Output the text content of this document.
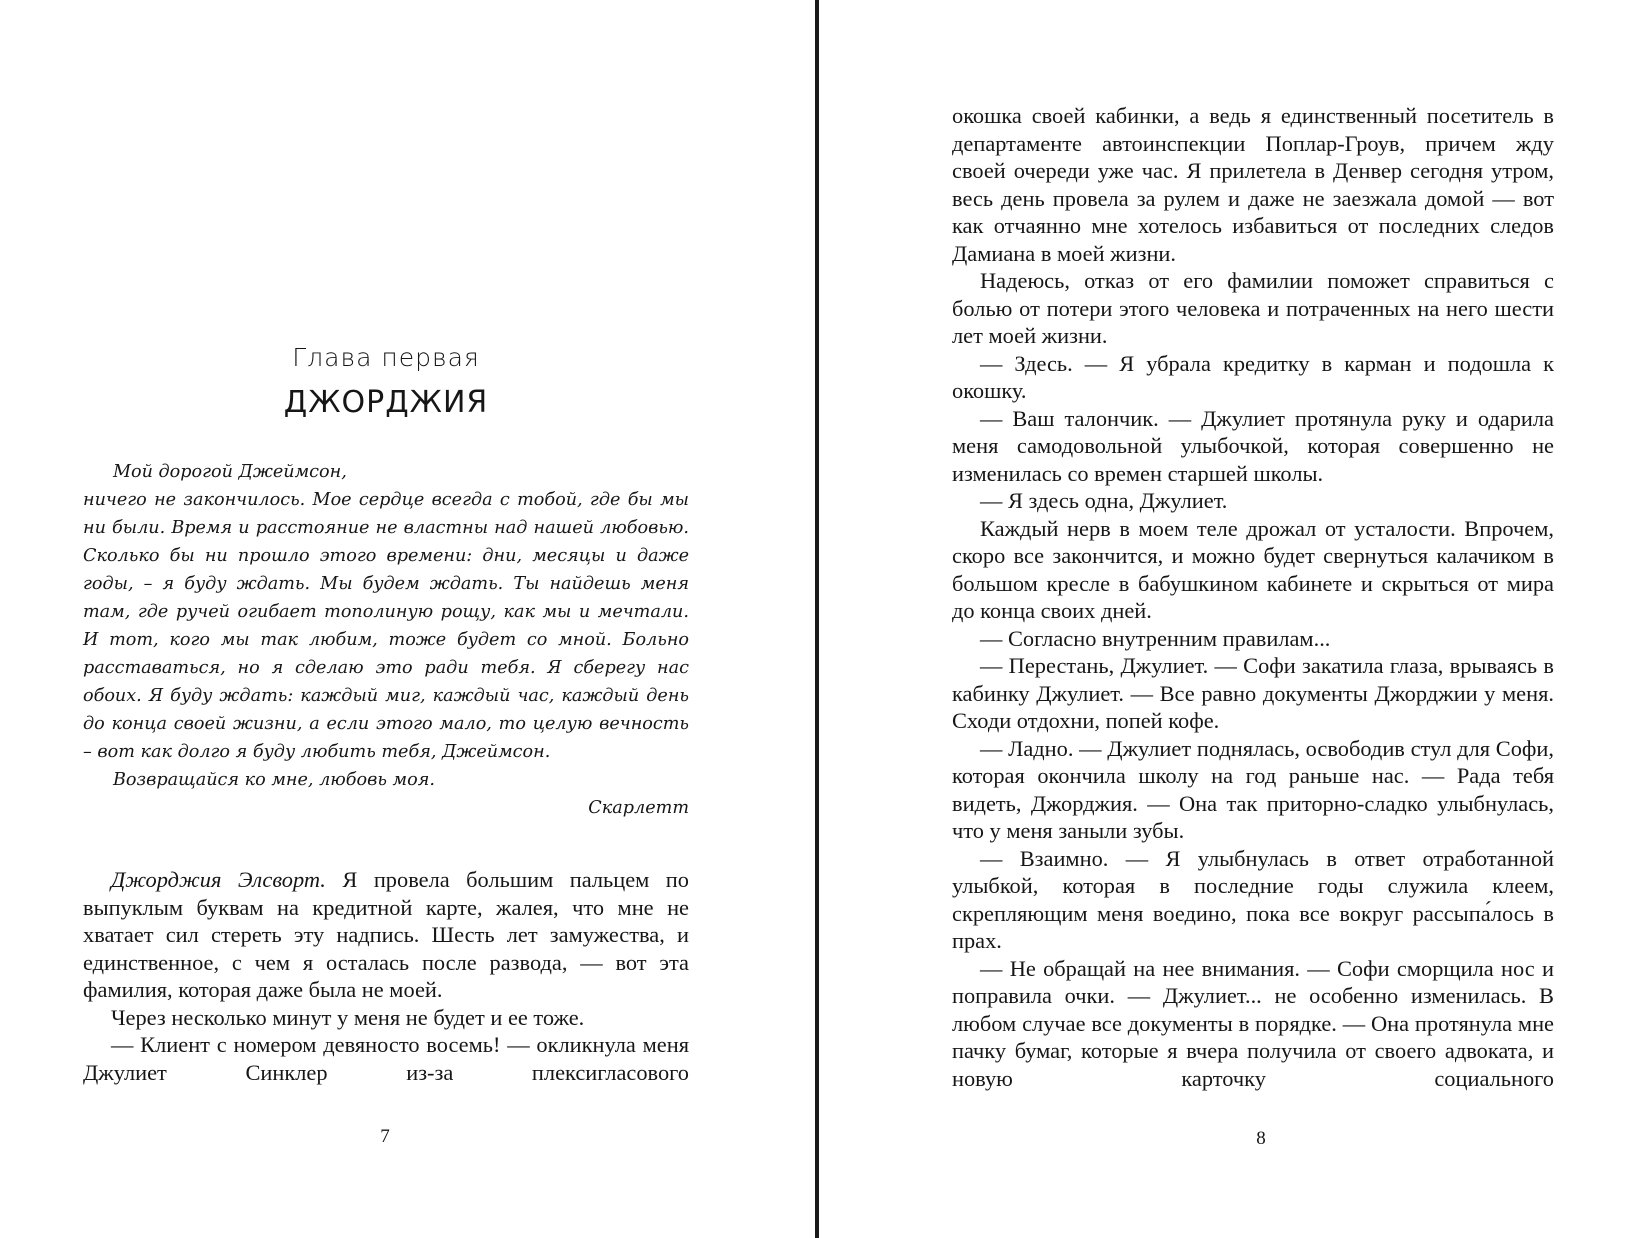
Глава первая
ДЖОРДЖИЯ

Мой дорогой Джеймсон,

ничего не закончилось. Мое сердце всегда с тобой, где бы мы ни были. Время и расстояние не властны над нашей любовью. Сколько бы ни прошло этого времени: дни, месяцы и даже годы, – я буду ждать. Мы будем ждать. Ты найдешь меня там, где ручей огибает тополиную рощу, как мы и мечтали. И тот, кого мы так любим, тоже будет со мной. Больно расставаться, но я сделаю это ради тебя. Я сберегу нас обоих. Я буду ждать: каждый миг, каждый час, каждый день до конца своей жизни, а если этого мало, то целую вечность – вот как долго я буду любить тебя, Джеймсон.

Возвращайся ко мне, любовь моя.

Скарлетт

Джорджия Элсворт. Я провела большим пальцем по выпуклым буквам на кредитной карте, жалея, что мне не хватает сил стереть эту надпись. Шесть лет замужества, и единственное, с чем я осталась после развода, — вот эта фамилия, которая даже была не моей.

Через несколько минут у меня не будет и ее тоже.

— Клиент с номером девяносто восемь! — окликнула меня Джулиет Синклер из-за плексигласового

7

окошка своей кабинки, а ведь я единственный посетитель в департаменте автоинспекции Поплар-Гроув, причем жду своей очереди уже час. Я прилетела в Денвер сегодня утром, весь день провела за рулем и даже не заезжала домой — вот как отчаянно мне хотелось избавиться от последних следов Дамиана в моей жизни.

Надеюсь, отказ от его фамилии поможет справиться с болью от потери этого человека и потраченных на него шести лет моей жизни.

— Здесь. — Я убрала кредитку в карман и подошла к окошку.

— Ваш талончик. — Джулиет протянула руку и одарила меня самодовольной улыбочкой, которая совершенно не изменилась со времен старшей школы.

— Я здесь одна, Джулиет.

Каждый нерв в моем теле дрожал от усталости. Впрочем, скоро все закончится, и можно будет свернуться калачиком в большом кресле в бабушкином кабинете и скрыться от мира до конца своих дней.

— Согласно внутренним правилам...

— Перестань, Джулиет. — Софи закатила глаза, врываясь в кабинку Джулиет. — Все равно документы Джорджии у меня. Сходи отдохни, попей кофе.

— Ладно. — Джулиет поднялась, освободив стул для Софи, которая окончила школу на год раньше нас. — Рада тебя видеть, Джорджия. — Она так приторно-сладко улыбнулась, что у меня заныли зубы.

— Взаимно. — Я улыбнулась в ответ отработанной улыбкой, которая в последние годы служила клеем, скрепляющим меня воедино, пока все вокруг рассыпа́лось в прах.

— Не обращай на нее внимания. — Софи сморщила нос и поправила очки. — Джулиет... не особенно изменилась. В любом случае все документы в порядке. — Она протянула мне пачку бумаг, которые я вчера получила от своего адвоката, и новую карточку социального

8
